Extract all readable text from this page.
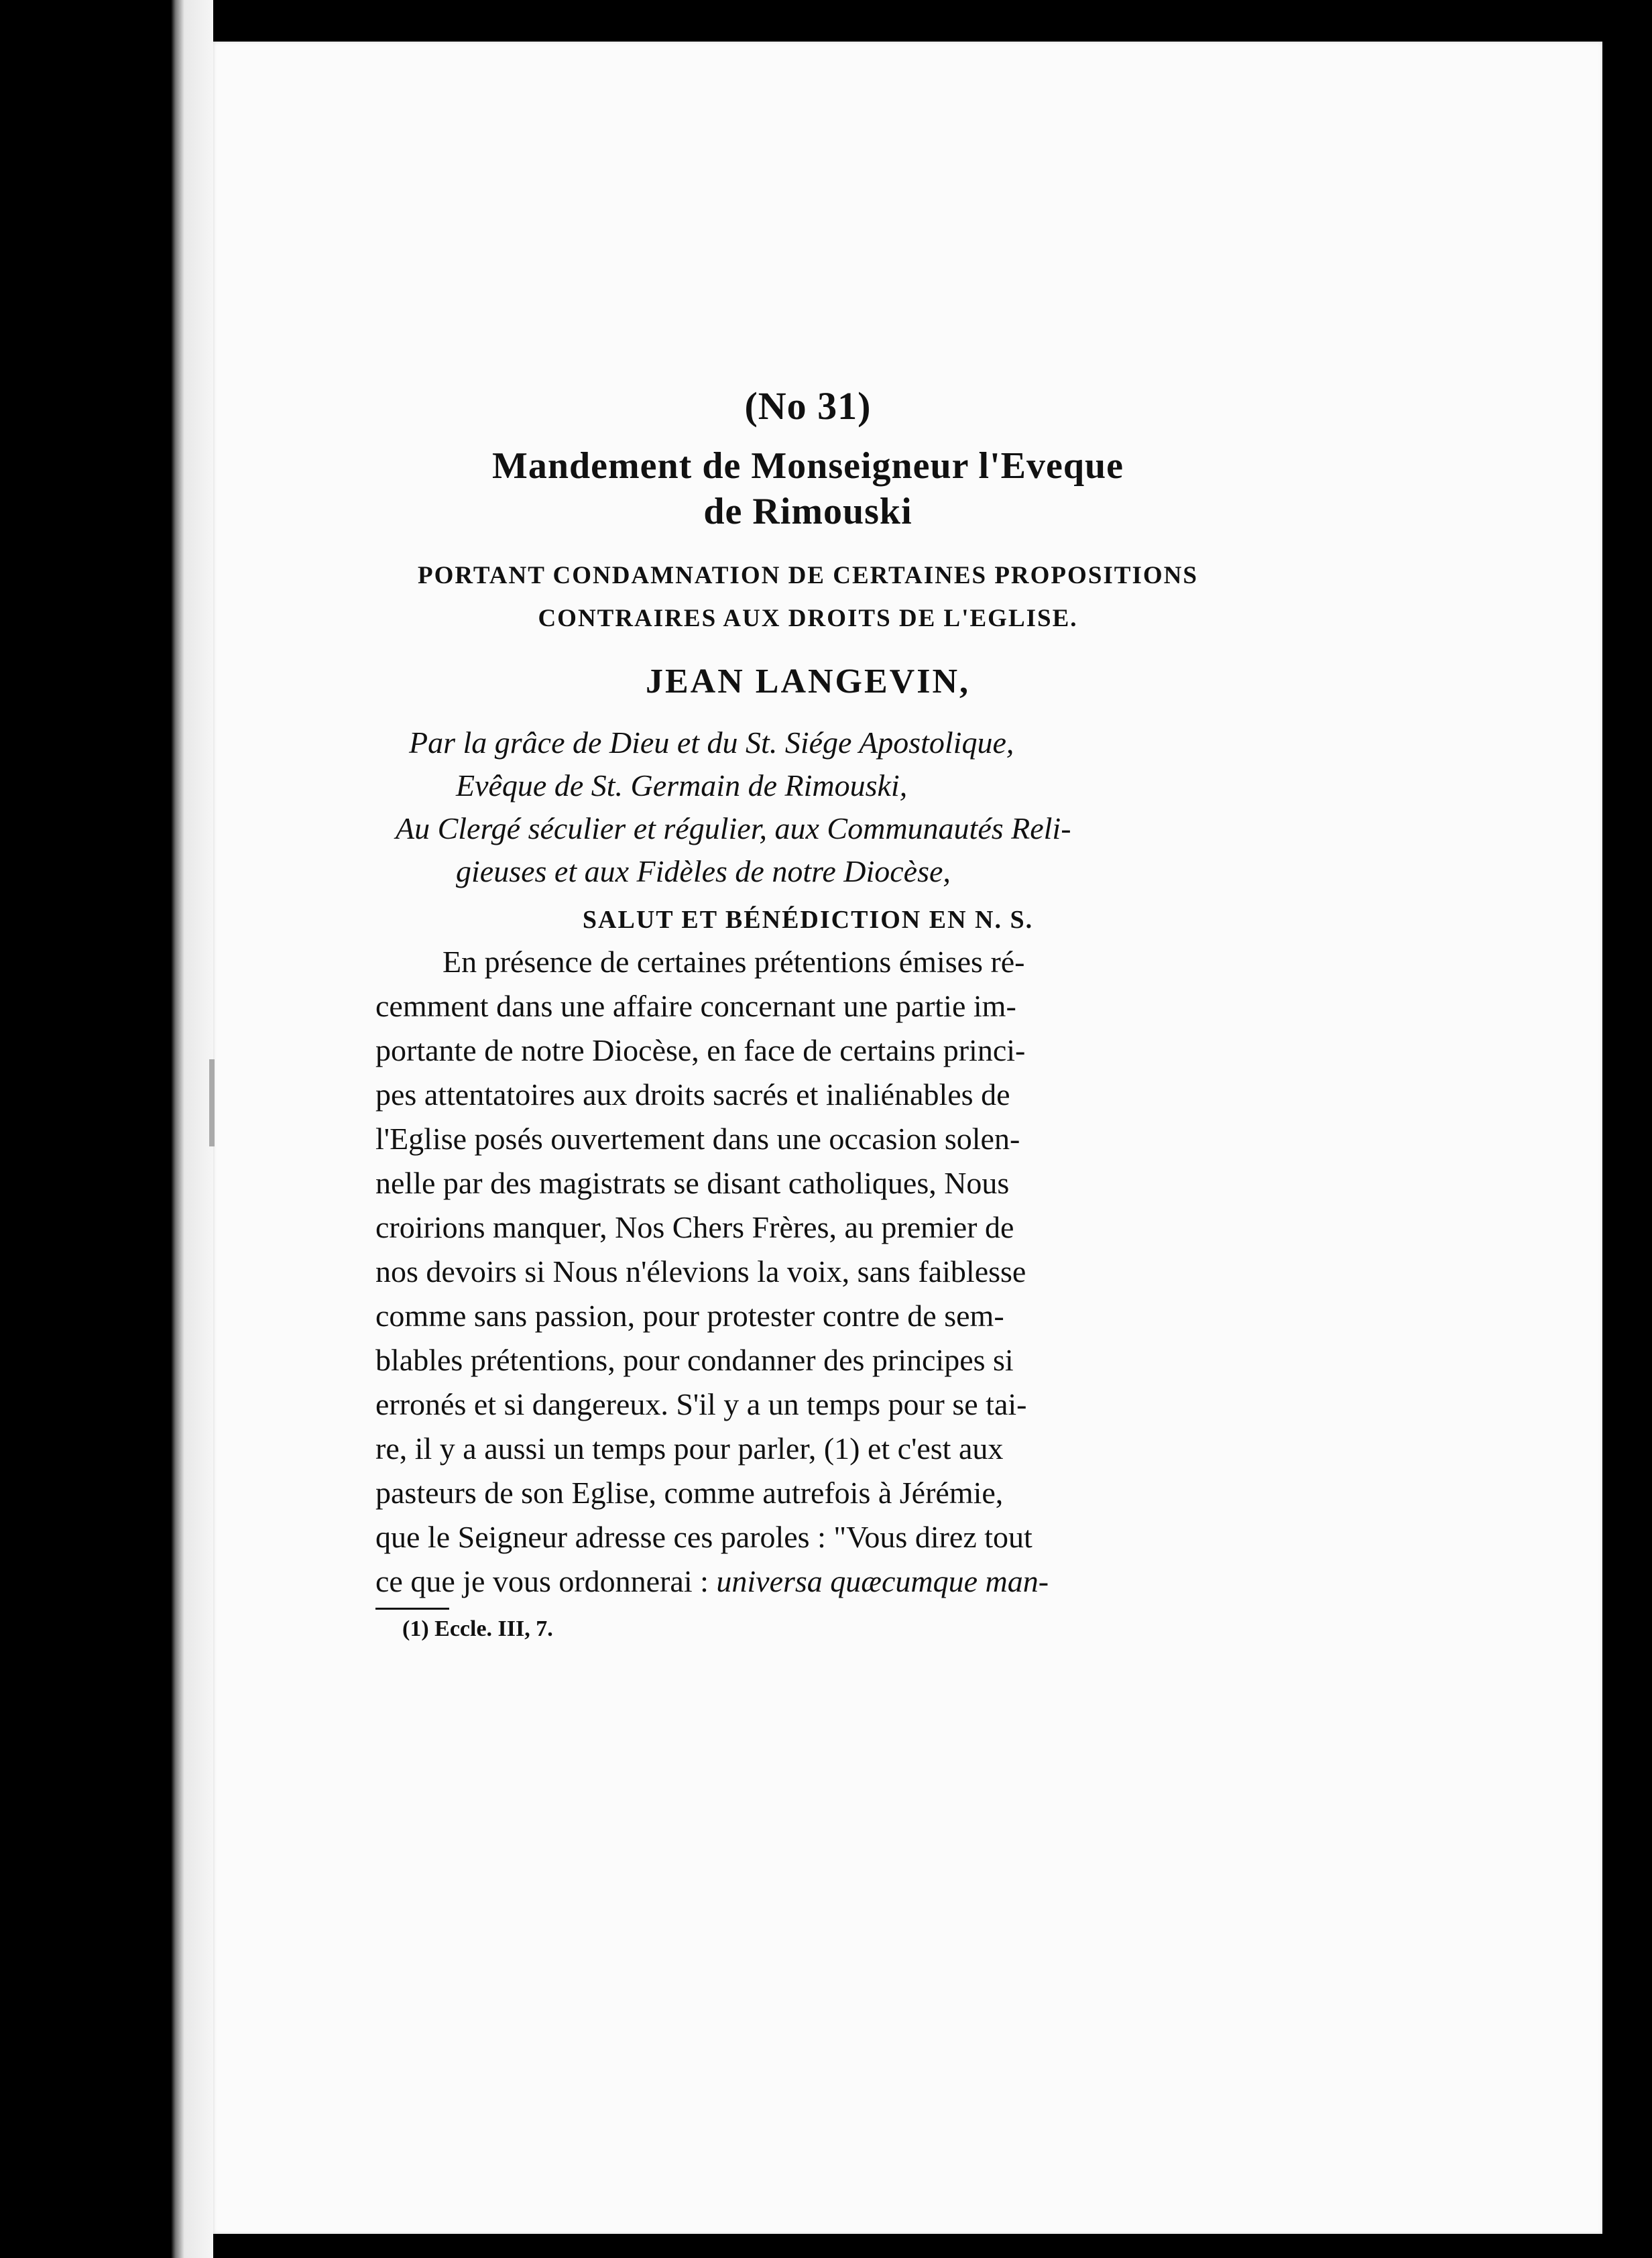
(No 31)
Mandement de Monseigneur l'Eveque
de Rimouski
PORTANT CONDAMNATION DE CERTAINES PROPOSITIONS
CONTRAIRES AUX DROITS DE L'EGLISE.
JEAN LANGEVIN,
Par la grâce de Dieu et du St. Siége Apostolique,
Evêque de St. Germain de Rimouski,
Au Clergé séculier et régulier, aux Communautés Reli-
gieuses et aux Fidèles de notre Diocèse,
SALUT ET BÉNÉDICTION EN N. S.
En présence de certaines prétentions émises ré-
cemment dans une affaire concernant une partie im-
portante de notre Diocèse, en face de certains princi-
pes attentatoires aux droits sacrés et inaliénables de
l'Eglise posés ouvertement dans une occasion solen-
nelle par des magistrats se disant catholiques, Nous
croirions manquer, Nos Chers Frères, au premier de
nos devoirs si Nous n'élevions la voix, sans faiblesse
comme sans passion, pour protester contre de sem-
blables prétentions, pour condanner des principes si
erronés et si dangereux. S'il y a un temps pour se tai-
re, il y a aussi un temps pour parler, (1) et c'est aux
pasteurs de son Eglise, comme autrefois à Jérémie,
que le Seigneur adresse ces paroles : "Vous direz tout
ce que je vous ordonnerai : universa quæcumque man-
(1) Eccle. III, 7.
